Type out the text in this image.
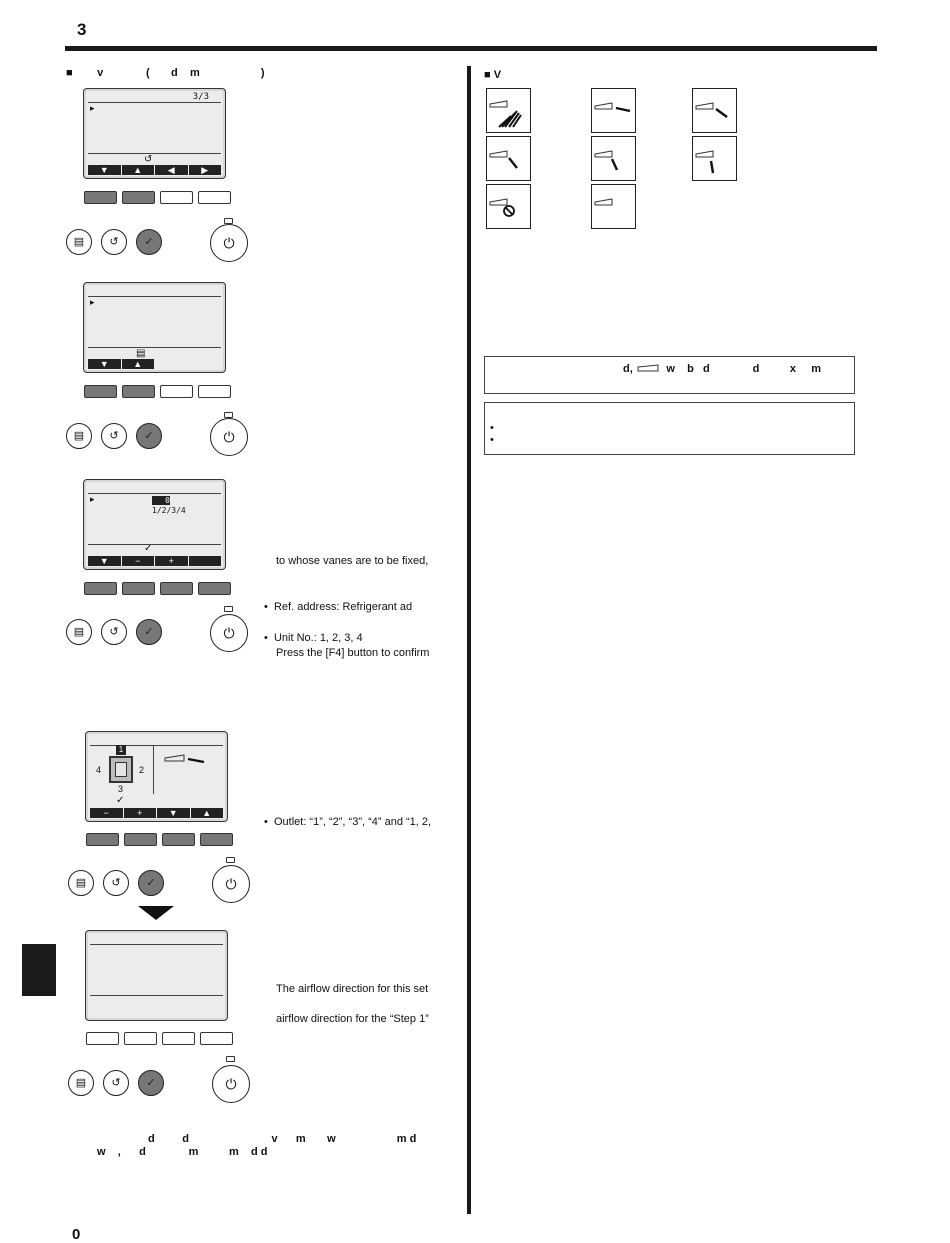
3
0
■        v              (       d    m                    )
3/3
▸
↺
▼	▲	◀	▶
▤	↺	✓	⏻
▸
▤
▼	▲
▤	↺	✓	⏻
▸	0
1/2/3/4
✓
▼	−	+
▤	↺	✓	⏻
to whose vanes are to be fixed,
•  Ref. address: Refrigerant ad
•  Unit No.: 1, 2, 3, 4
Press the [F4] button to confirm
1
4	2
3
✓
−	+	▼	▲
▤	↺	✓	⏻
•  Outlet: “1”, “2”, “3”, “4” and “1, 2,
▤	↺	✓	⏻
The airflow direction for this set
airflow direction for the “Step 1”
d         d                           v      m       w                    m d
w    ,      d              m          m    d d
■ V
d,           w    b   d              d          x     m
•
•
